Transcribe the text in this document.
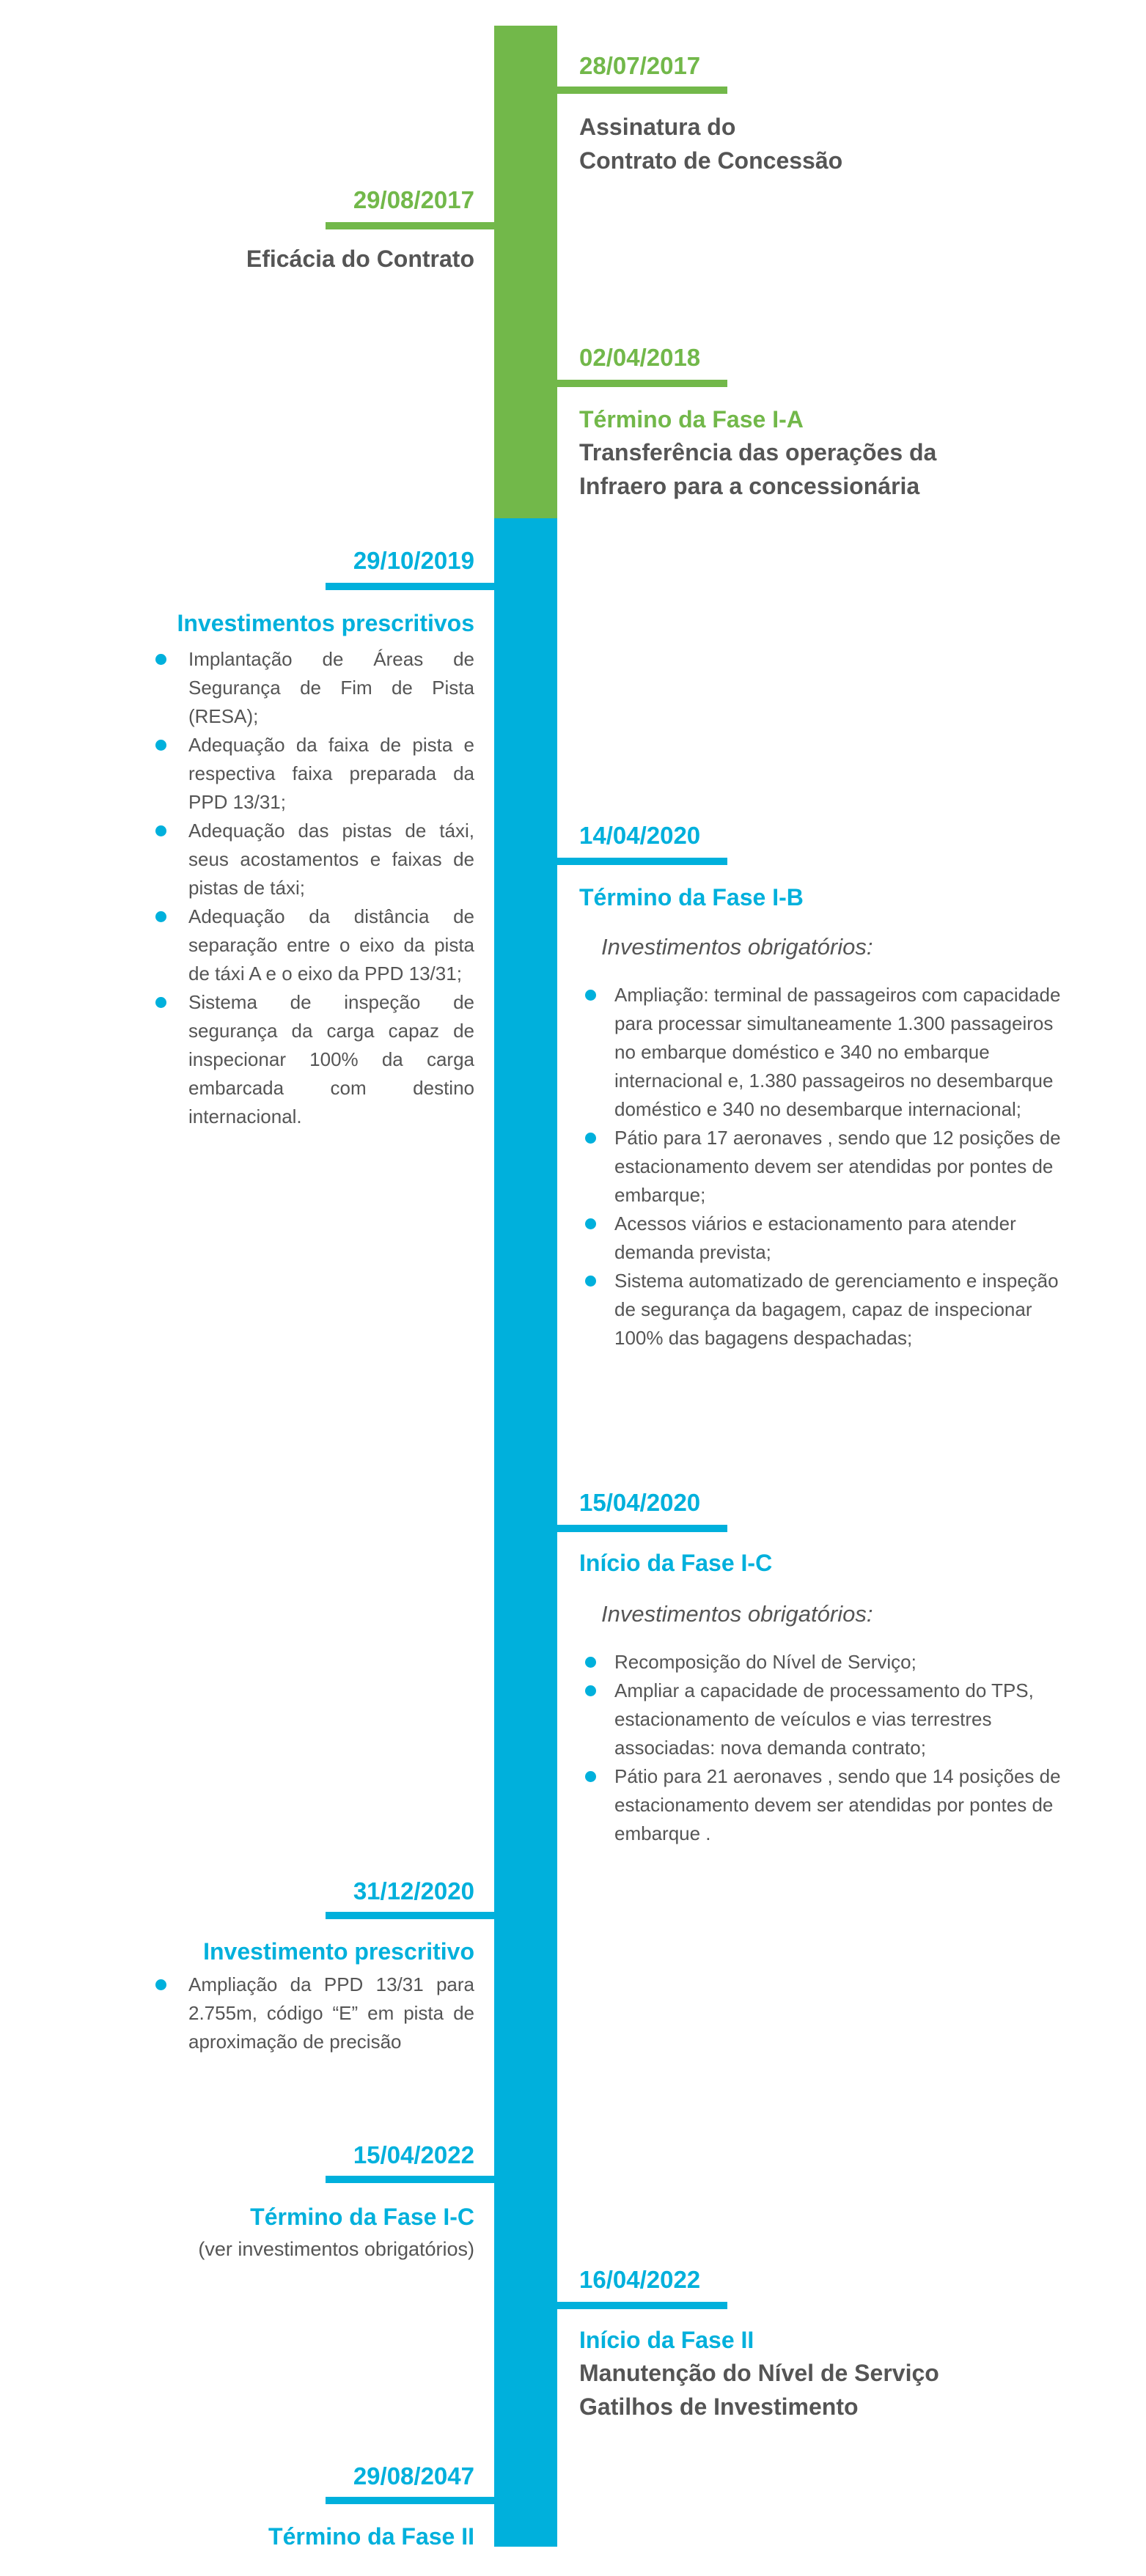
28/07/2017
Assinatura do
Contrato de Concessão
29/08/2017
Eficácia do Contrato
02/04/2018
Término da Fase I-A
Transferência das operações da
Infraero para a concessionária
29/10/2019
Investimentos prescritivos
Implantação de Áreas de Segurança de Fim de Pista (RESA);
Adequação da faixa de pista e respectiva faixa preparada da PPD 13/31;
Adequação das pistas de táxi, seus acostamentos e faixas de pistas de táxi;
Adequação da distância de separação entre o eixo da pista de táxi A e o eixo da PPD 13/31;
Sistema de inspeção de segurança da carga capaz de inspecionar 100% da carga embarcada com destino internacional.
14/04/2020
Término da Fase I-B
Investimentos obrigatórios:
Ampliação: terminal de passageiros com capacidade para processar simultaneamente 1.300 passageiros no embarque doméstico e 340 no embarque internacional e, 1.380 passageiros no desembarque doméstico e 340 no desembarque internacional;
Pátio para 17 aeronaves , sendo que 12 posições de estacionamento devem ser atendidas por pontes de embarque;
Acessos viários e estacionamento para atender demanda prevista;
Sistema automatizado de gerenciamento e inspeção de segurança da bagagem, capaz de inspecionar 100% das bagagens despachadas;
15/04/2020
Início da Fase I-C
Investimentos obrigatórios:
Recomposição do Nível de Serviço;
Ampliar a capacidade de processamento do TPS, estacionamento de veículos e vias terrestres associadas: nova demanda contrato;
Pátio para 21 aeronaves , sendo que 14 posições de estacionamento devem ser atendidas por pontes de embarque .
31/12/2020
Investimento prescritivo
Ampliação da PPD 13/31 para 2.755m, código “E” em pista de aproximação de precisão
15/04/2022
Término da Fase I-C
(ver investimentos obrigatórios)
16/04/2022
Início da Fase II
Manutenção do Nível de Serviço
Gatilhos de Investimento
29/08/2047
Término da Fase II
